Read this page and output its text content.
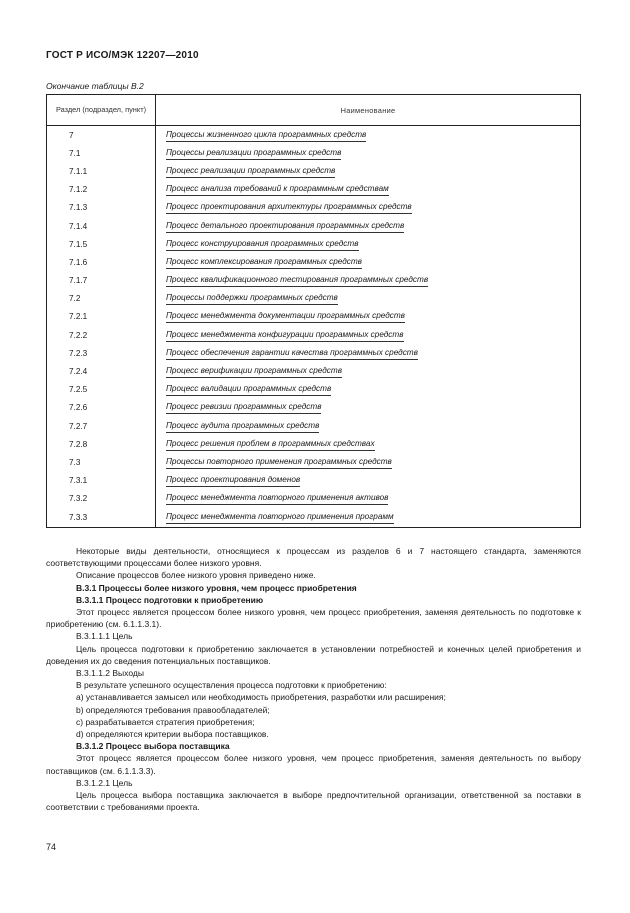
ГОСТ Р ИСО/МЭК 12207—2010
Окончание таблицы В.2
Раздел (подраздел, пункт)	Наименование
7	Процессы жизненного цикла программных средств
7.1	Процессы реализации программных средств
7.1.1	Процесс реализации программных средств
7.1.2	Процесс анализа требований к программным средствам
7.1.3	Процесс проектирования архитектуры программных средств
7.1.4	Процесс детального проектирования программных средств
7.1.5	Процесс конструирования программных средств
7.1.6	Процесс комплексирования программных средств
7.1.7	Процесс квалификационного тестирования программных средств
7.2	Процессы поддержки программных средств
7.2.1	Процесс менеджмента документации программных средств
7.2.2	Процесс менеджмента конфигурации программных средств
7.2.3	Процесс обеспечения гарантии качества программных средств
7.2.4	Процесс верификации программных средств
7.2.5	Процесс валидации программных средств
7.2.6	Процесс ревизии программных средств
7.2.7	Процесс аудита программных средств
7.2.8	Процесс решения проблем в программных средствах
7.3	Процессы повторного применения программных средств
7.3.1	Процесс проектирования доменов
7.3.2	Процесс менеджмента повторного применения активов
7.3.3	Процесс менеджмента повторного применения программ

Некоторые виды деятельности, относящиеся к процессам из разделов 6 и 7 настоящего стандарта, заменяются соответствующими процессами более низкого уровня.

Описание процессов более низкого уровня приведено ниже.

В.3.1 Процессы более низкого уровня, чем процесс приобретения

В.3.1.1 Процесс подготовки к приобретению

Этот процесс является процессом более низкого уровня, чем процесс приобретения, заменяя деятельность по подготовке к приобретению (см. 6.1.1.3.1).

В.3.1.1.1 Цель

Цель процесса подготовки к приобретению заключается в установлении потребностей и конечных целей приобретения и доведения их до сведения потенциальных поставщиков.

В.3.1.1.2 Выходы

В результате успешного осуществления процесса подготовки к приобретению:

a) устанавливается замысел или необходимость приобретения, разработки или расширения;

b) определяются требования правообладателей;

c) разрабатывается стратегия приобретения;

d) определяются критерии выбора поставщиков.

В.3.1.2 Процесс выбора поставщика

Этот процесс является процессом более низкого уровня, чем процесс приобретения, заменяя деятельность по выбору поставщиков (см. 6.1.1.3.3).

В.3.1.2.1 Цель

Цель процесса выбора поставщика заключается в выборе предпочтительной организации, ответственной за поставки в соответствии с требованиями проекта.

74
